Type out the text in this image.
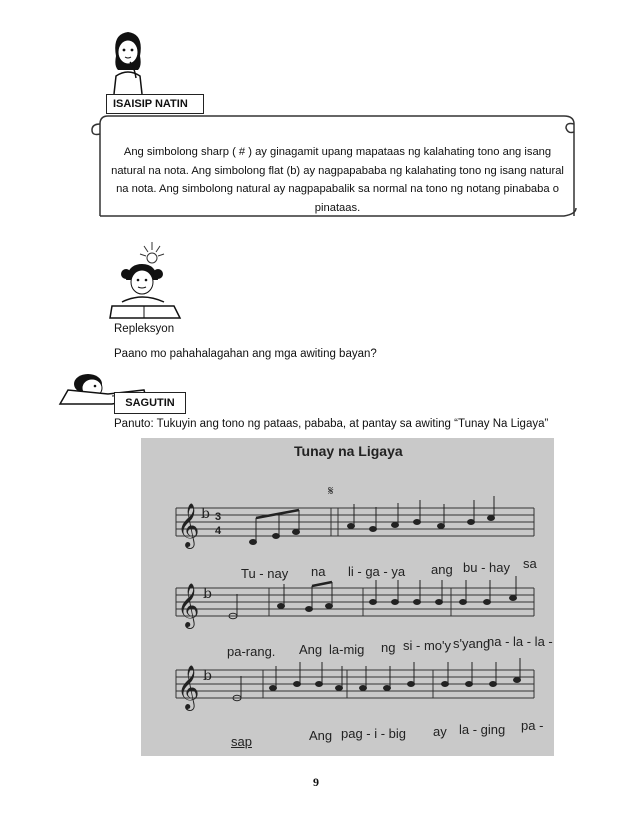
ISAISIP NATIN
Ang simbolong sharp ( # ) ay ginagamit upang mapataas ng kalahating tono ang isang natural na nota. Ang simbolong flat (b) ay nagpapababa ng kalahating tono ng isang natural na nota. Ang simbolong natural ay nagpapabalik sa normal na tono ng notang pinababa o pinataas.
Repleksyon
Paano mo pahahalagahan ang mga awiting bayan?
SAGUTIN
Panuto: Tukuyin ang tono ng pataas, pababa, at pantay sa awiting “Tunay Na Ligaya”
Tunay na Ligaya
𝄋
𝄞 b 3
4
𝄞 b
𝄞 b
Tu - nay na li - ga - ya ang bu - hay sa
pa-rang. Ang la-mig ng si - mo'y s'yang
na - la - la -
sap	Ang pag - i - big ay la - ging pa -
9
